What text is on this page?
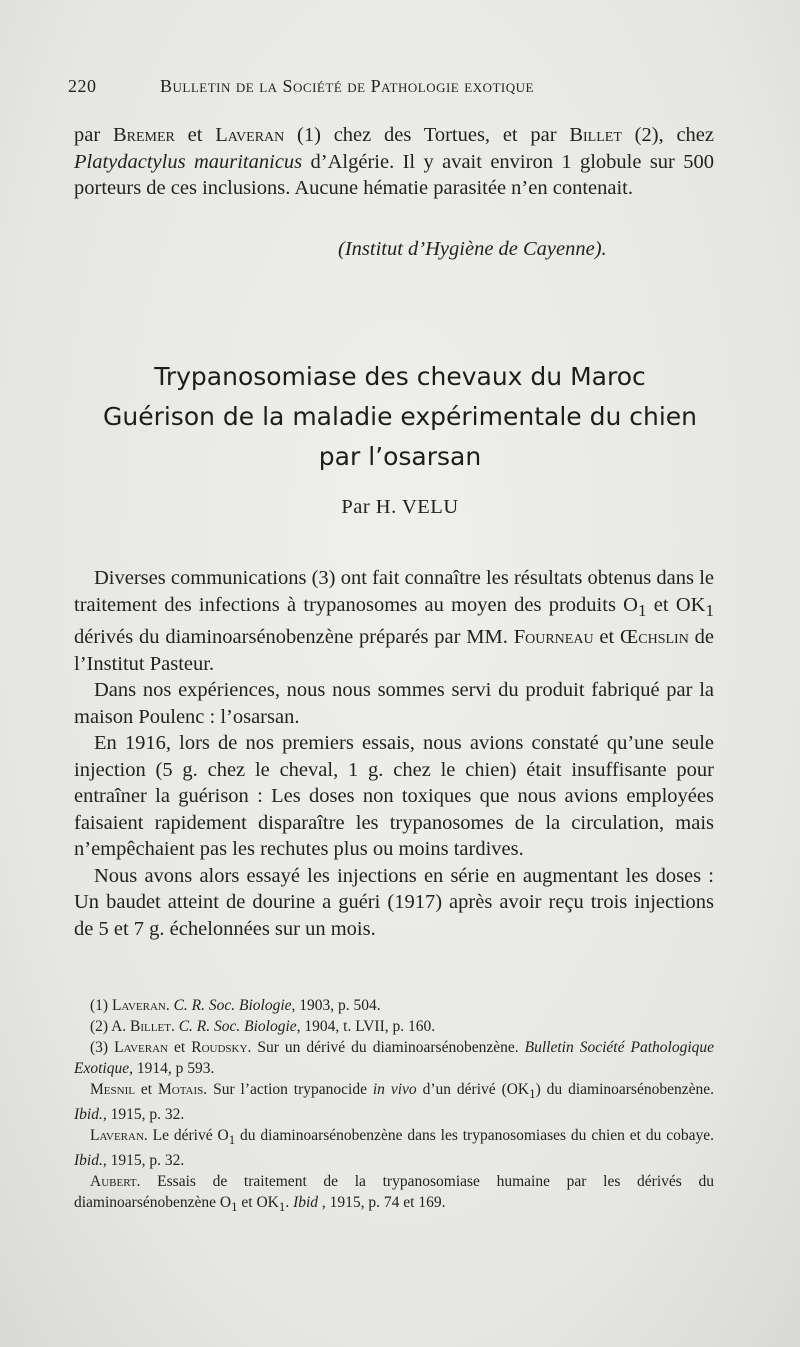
220	Bulletin de la Société de Pathologie exotique
par Bremer et Laveran (1) chez des Tortues, et par Billet (2), chez Platydactylus mauritanicus d’Algérie. Il y avait environ 1 globule sur 500 porteurs de ces inclusions. Aucune hématie parasitée n’en contenait.
(Institut d’Hygiène de Cayenne).
Trypanosomiase des chevaux du Maroc
Guérison de la maladie expérimentale du chien
par l’osarsan
Par H. VELU

Diverses communications (3) ont fait connaître les résultats obtenus dans le traitement des infections à trypanosomes au moyen des produits $O_1$ et $OK_1$ dérivés du diaminoarsénobenzène préparés par MM. Fourneau et Œchslin de l’Institut Pasteur.

Dans nos expériences, nous nous sommes servi du produit fabriqué par la maison Poulenc : l’osarsan.

En 1916, lors de nos premiers essais, nous avions constaté qu’une seule injection (5 g. chez le cheval, 1 g. chez le chien) était insuffisante pour entraîner la guérison : Les doses non toxiques que nous avions employées faisaient rapidement disparaître les trypanosomes de la circulation, mais n’empêchaient pas les rechutes plus ou moins tardives.

Nous avons alors essayé les injections en série en augmentant les doses : Un baudet atteint de dourine a guéri (1917) après avoir reçu trois injections de 5 et 7 g. échelonnées sur un mois.

(1) Laveran. C. R. Soc. Biologie, 1903, p. 504.

(2) A. Billet. C. R. Soc. Biologie, 1904, t. LVII, p. 160.

(3) Laveran et Roudsky. Sur un dérivé du diaminoarsénobenzène. Bulletin Société Pathologique Exotique, 1914, p 593.

Mesnil et Motais. Sur l’action trypanocide in vivo d’un dérivé $(OK_1)$ du diaminoarsénobenzène. Ibid., 1915, p. 32.

Laveran. Le dérivé $O_1$ du diaminoarsénobenzène dans les trypanosomiases du chien et du cobaye. Ibid., 1915, p. 32.

Aubert. Essais de traitement de la trypanosomiase humaine par les dérivés du diaminoarsénobenzène $O_1$ et $OK_1$. Ibid , 1915, p. 74 et 169.
